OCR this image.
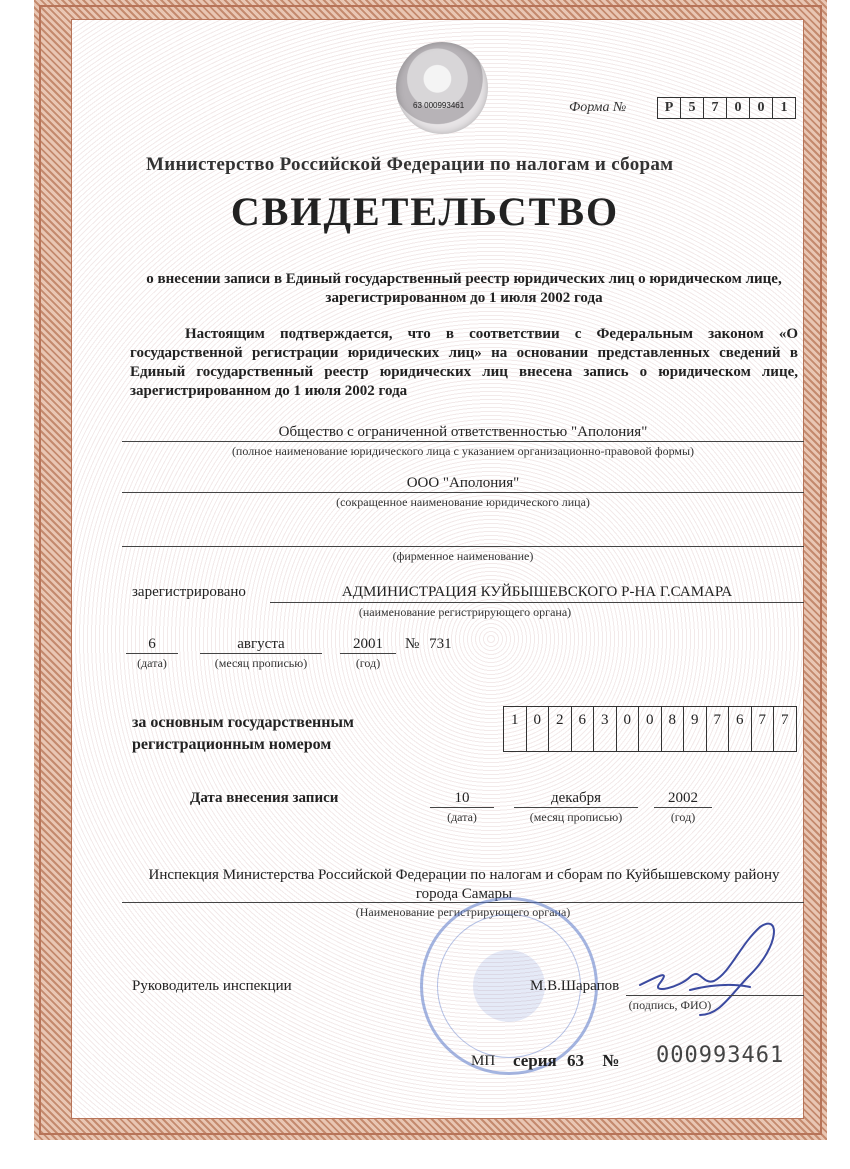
63 000993461	Форма №	Р	5	7	0	0	1
Министерство Российской Федерации по налогам и сборам
СВИДЕТЕЛЬСТВО
о внесении записи в Единый государственный реестр юридических лиц о юридическом лице, зарегистрированном до 1 июля 2002 года
Настоящим подтверждается, что в соответствии с Федеральным законом «О государственной регистрации юридических лиц» на основании представленных сведений в Единый государственный реестр юридических лиц внесена запись о юридическом лице, зарегистрированном до 1 июля 2002 года
Общество с ограниченной ответственностью "Аполония"
(полное наименование юридического лица с указанием организационно-правовой формы)
ООО "Аполония"
(сокращенное наименование юридического лица)
(фирменное наименование)
зарегистрировано	АДМИНИСТРАЦИЯ КУЙБЫШЕВСКОГО Р-НА Г.САМАРА
(наименование регистрирующего органа)
6
(дата)
августа
(месяц прописью)
2001
(год)
№ 731
за основным государственным
регистрационным номером
1	0	2	6	3	0	0	8	9	7	6	7	7
Дата внесения записи	10
(дата)
декабря
(месяц прописью)
2002
(год)
Инспекция Министерства Российской Федерации по налогам и сборам по Куйбышевскому району города Самары
(Наименование регистрирующего органа)
Руководитель инспекции	М.В.Шарапов
(подпись, ФИО)
МП серия 63 № 000993461
